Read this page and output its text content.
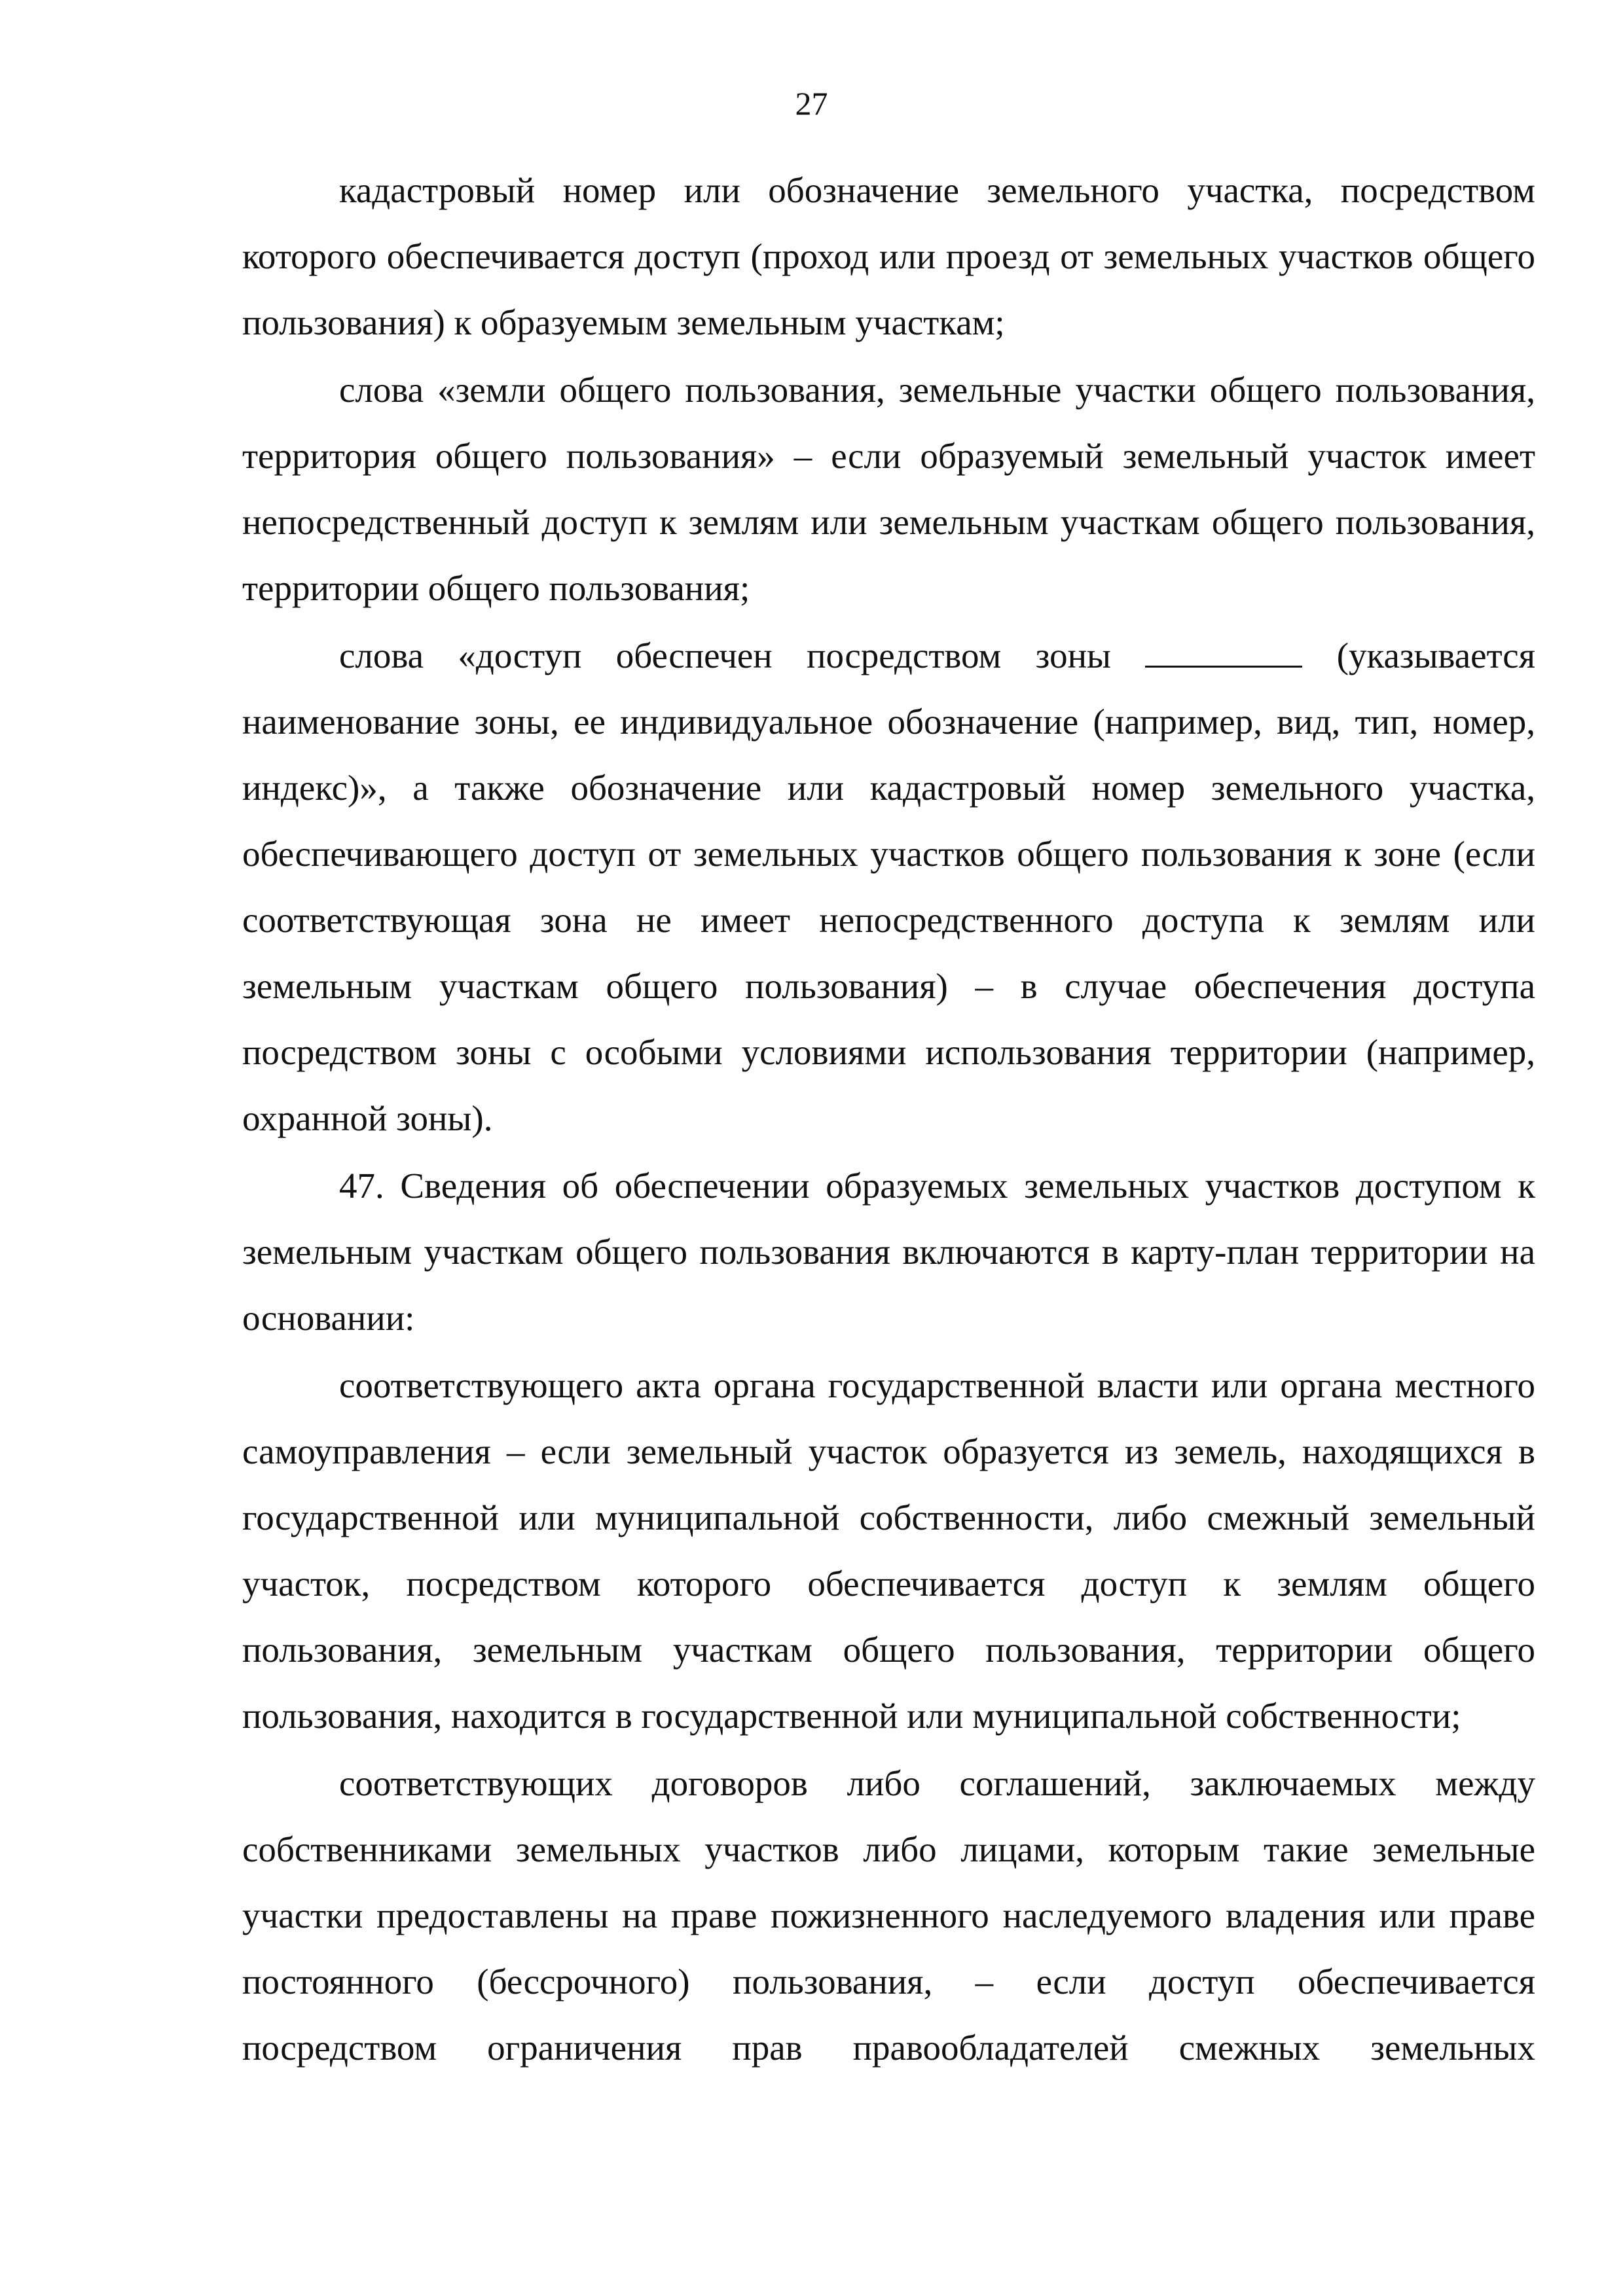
27

кадастровый номер или обозначение земельного участка, посредством которого обеспечивается доступ (проход или проезд от земельных участков общего пользования) к образуемым земельным участкам;

слова «земли общего пользования, земельные участки общего пользования, территория общего пользования» – если образуемый земельный участок имеет непосредственный доступ к землям или земельным участкам общего пользования, территории общего пользования;

слова «доступ обеспечен посредством зоны	(указывается наименование зоны, ее индивидуальное обозначение (например, вид, тип, номер, индекс)», а также обозначение или кадастровый номер земельного участка, обеспечивающего доступ от земельных участков общего пользования к зоне (если соответствующая зона не имеет непосредственного доступа к землям или земельным участкам общего пользования) – в случае обеспечения доступа посредством зоны с особыми условиями использования территории (например, охранной зоны).

47. Сведения об обеспечении образуемых земельных участков доступом к земельным участкам общего пользования включаются в карту-план территории на основании:

соответствующего акта органа государственной власти или органа местного самоуправления – если земельный участок образуется из земель, находящихся в государственной или муниципальной собственности, либо смежный земельный участок, посредством которого обеспечивается доступ к землям общего пользования, земельным участкам общего пользования, территории общего пользования, находится в государственной или муниципальной собственности;

соответствующих договоров либо соглашений, заключаемых между собственниками земельных участков либо лицами, которым такие земельные участки предоставлены на праве пожизненного наследуемого владения или праве постоянного (бессрочного) пользования, – если доступ обеспечивается посредством ограничения прав правообладателей смежных земельных
